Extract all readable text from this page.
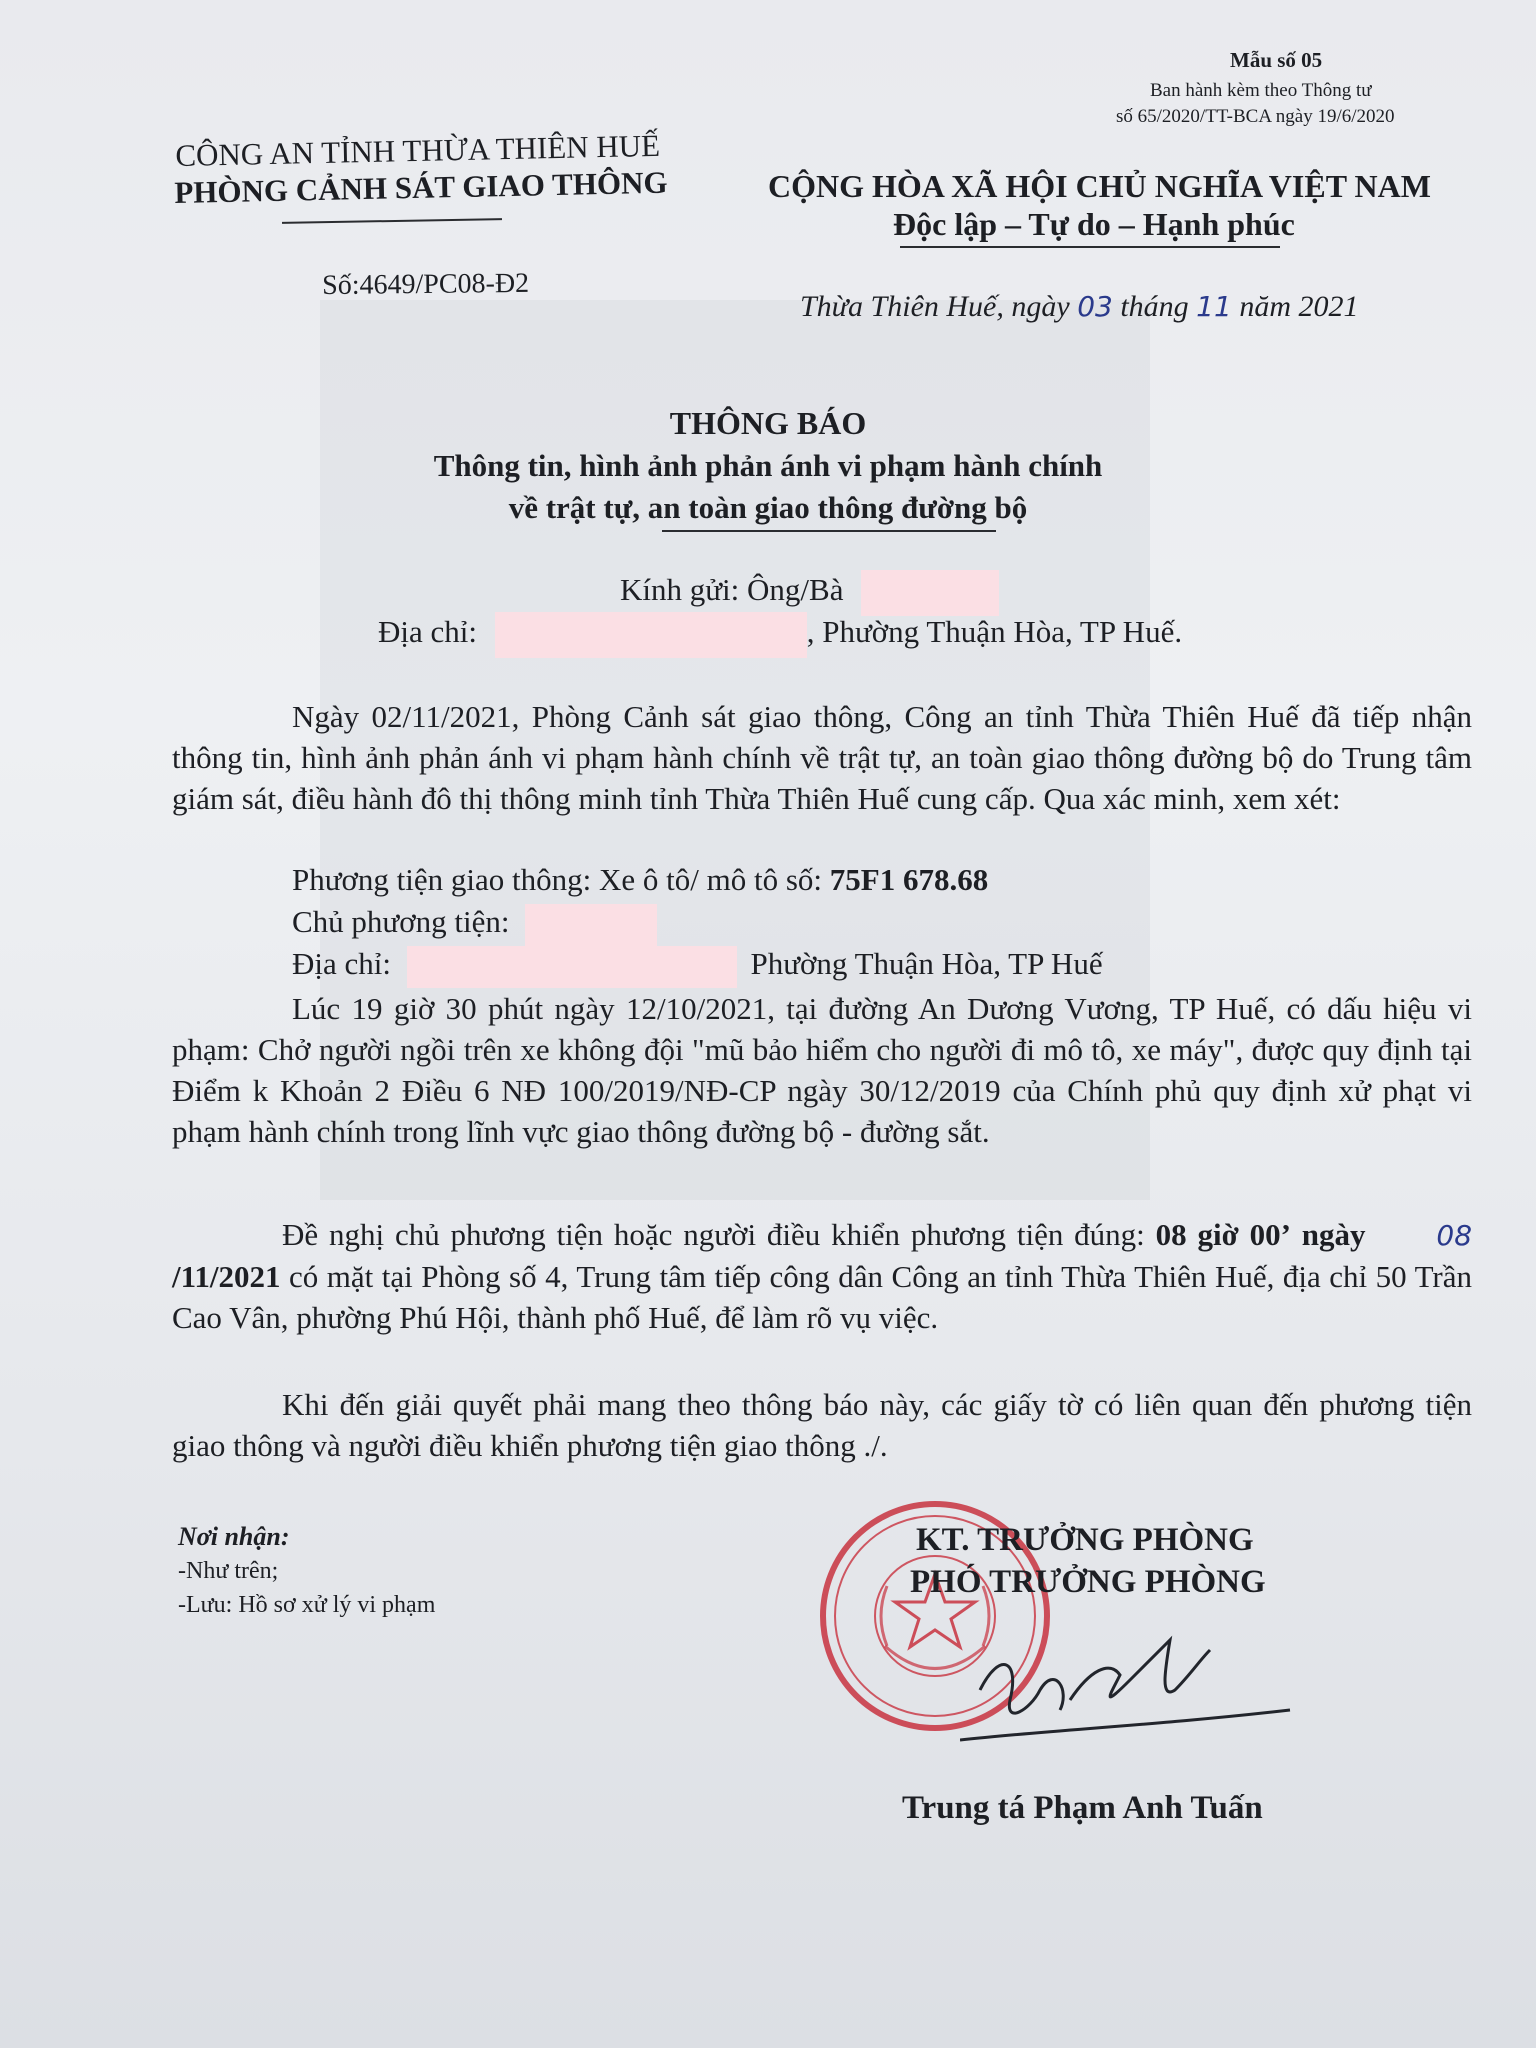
Mẫu số 05
Ban hành kèm theo Thông tư
số 65/2020/TT-BCA ngày 19/6/2020
CÔNG AN TỈNH THỪA THIÊN HUẾ
PHÒNG CẢNH SÁT GIAO THÔNG	CỘNG HÒA XÃ HỘI CHỦ NGHĨA VIỆT NAM
Độc lập – Tự do – Hạnh phúc
Số:4649/PC08-Đ2
Thừa Thiên Huế, ngày 03 tháng 11 năm 2021
THÔNG BÁO
Thông tin, hình ảnh phản ánh vi phạm hành chính
về trật tự, an toàn giao thông đường bộ
Kính gửi: Ông/Bà
Địa chỉ:	, Phường Thuận Hòa, TP Huế.
Ngày 02/11/2021, Phòng Cảnh sát giao thông, Công an tỉnh Thừa Thiên Huế đã tiếp nhận thông tin, hình ảnh phản ánh vi phạm hành chính về trật tự, an toàn giao thông đường bộ do Trung tâm giám sát, điều hành đô thị thông minh tỉnh Thừa Thiên Huế cung cấp. Qua xác minh, xem xét:
Phương tiện giao thông: Xe ô tô/ mô tô số: 75F1 678.68
Chủ phương tiện:
Địa chỉ:	Phường Thuận Hòa, TP Huế
Lúc 19 giờ 30 phút ngày 12/10/2021, tại đường An Dương Vương, TP Huế, có dấu hiệu vi phạm: Chở người ngồi trên xe không đội "mũ bảo hiểm cho người đi mô tô, xe máy", được quy định tại Điểm k Khoản 2 Điều 6 NĐ 100/2019/NĐ-CP ngày 30/12/2019 của Chính phủ quy định xử phạt vi phạm hành chính trong lĩnh vực giao thông đường bộ - đường sắt.
Đề nghị chủ phương tiện hoặc người điều khiển phương tiện đúng: 08 giờ 00’ ngày	08 /11/2021 có mặt tại Phòng số 4, Trung tâm tiếp công dân Công an tỉnh Thừa Thiên Huế, địa chỉ 50 Trần Cao Vân, phường Phú Hội, thành phố Huế, để làm rõ vụ việc.
Khi đến giải quyết phải mang theo thông báo này, các giấy tờ có liên quan đến phương tiện giao thông và người điều khiển phương tiện giao thông ./.
Nơi nhận:
-Như trên;
-Lưu: Hồ sơ xử lý vi phạm
KT. TRƯỞNG PHÒNG
PHÓ TRƯỞNG PHÒNG
Trung tá Phạm Anh Tuấn
